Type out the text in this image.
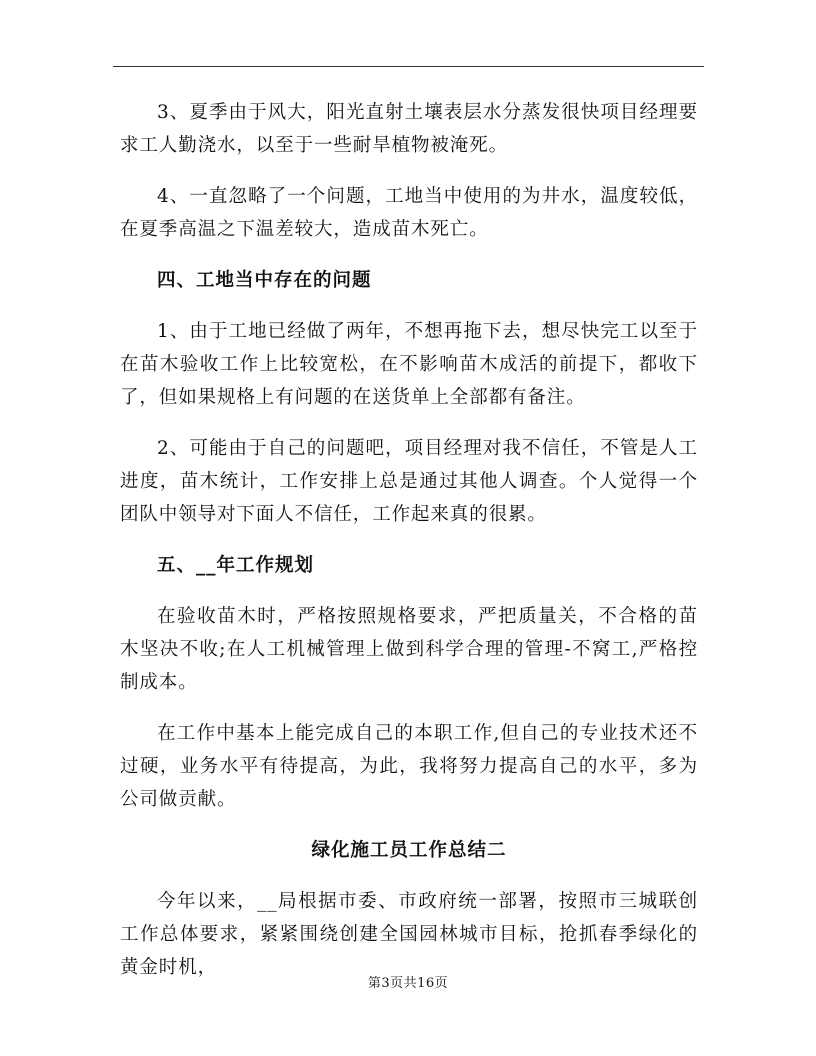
3、夏季由于风大，阳光直射土壤表层水分蒸发很快项目经理要求工人勤浇水，以至于一些耐旱植物被淹死。

4、一直忽略了一个问题，工地当中使用的为井水，温度较低，在夏季高温之下温差较大，造成苗木死亡。

四、工地当中存在的问题

1、由于工地已经做了两年，不想再拖下去，想尽快完工以至于在苗木验收工作上比较宽松，在不影响苗木成活的前提下，都收下了，但如果规格上有问题的在送货单上全部都有备注。

2、可能由于自己的问题吧，项目经理对我不信任，不管是人工进度，苗木统计，工作安排上总是通过其他人调查。个人觉得一个团队中领导对下面人不信任，工作起来真的很累。

五、__年工作规划

在验收苗木时，严格按照规格要求，严把质量关，不合格的苗木坚决不收;在人工机械管理上做到科学合理的管理-不窝工,严格控制成本。

在工作中基本上能完成自己的本职工作,但自己的专业技术还不过硬，业务水平有待提高，为此，我将努力提高自己的水平，多为公司做贡献。

绿化施工员工作总结二

今年以来，__局根据市委、市政府统一部署，按照市三城联创工作总体要求，紧紧围绕创建全国园林城市目标，抢抓春季绿化的黄金时机，

第3页共16页
